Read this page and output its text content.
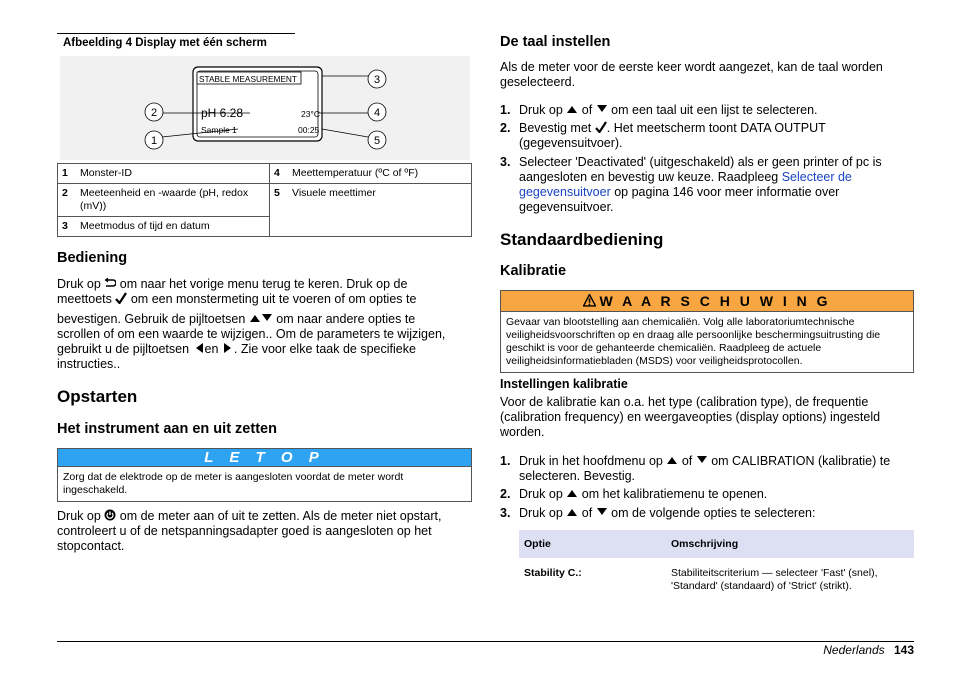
Afbeelding 4 Display met één scherm
1
2
3
4
5
STABLE MEASUREMENT
pH 6.28	23°C
Sample 1	00:25
1	Monster-ID	4	Meettemperatuur (ºC of ºF)
2	Meeteenheid en -waarde (pH, redox (mV))	5	Visuele meettimer
3	Meetmodus of tijd en datum		
Bediening
Druk op om naar het vorige menu terug te keren. Druk op de
meettoets om een monstermeting uit te voeren of om opties te
bevestigen. Gebruik de pijltoetsen om naar andere opties te
scrollen of om een waarde te wijzigen.. Om de parameters te wijzigen,
gebruikt u de pijltoetsen en . Zie voor elke taak de specifieke
instructies..
Opstarten
Het instrument aan en uit zetten
L E T O P
Zorg dat de elektrode op de meter is aangesloten voordat de meter wordt ingeschakeld.
Druk op om de meter aan of uit te zetten. Als de meter niet opstart,
controleert u of de netspanningsadapter goed is aangesloten op het
stopcontact.
De taal instellen
Als de meter voor de eerste keer wordt aangezet, kan de taal worden geselecteerd.
1. Druk op of om een taal uit een lijst te selecteren.
2. Bevestig met . Het meetscherm toont DATA OUTPUT (gegevensuitvoer).
3. Selecteer 'Deactivated' (uitgeschakeld) als er geen printer of pc is aangesloten en bevestig uw keuze. Raadpleeg Selecteer de gegevensuitvoer op pagina 146 voor meer informatie over gegevensuitvoer.
Standaardbediening
Kalibratie
W A A R S C H U W I N G
Gevaar van blootstelling aan chemicaliën. Volg alle laboratoriumtechnische veiligheidsvoorschriften op en draag alle persoonlijke beschermingsuitrusting die geschikt is voor de gehanteerde chemicaliën. Raadpleeg de actuele veiligheidsinformatiebladen (MSDS) voor veiligheidsprotocollen.
Instellingen kalibratie
Voor de kalibratie kan o.a. het type (calibration type), de frequentie (calibration frequency) en weergaveopties (display options) ingesteld worden.
1. Druk in het hoofdmenu op of om CALIBRATION (kalibratie) te selecteren. Bevestig.
2. Druk op om het kalibratiemenu te openen.
3. Druk op of om de volgende opties te selecteren:
Optie	Omschrijving
Stability C.:	Stabiliteitscriterium — selecteer 'Fast' (snel), 'Standard' (standaard) of 'Strict' (strikt).
Nederlands 143
